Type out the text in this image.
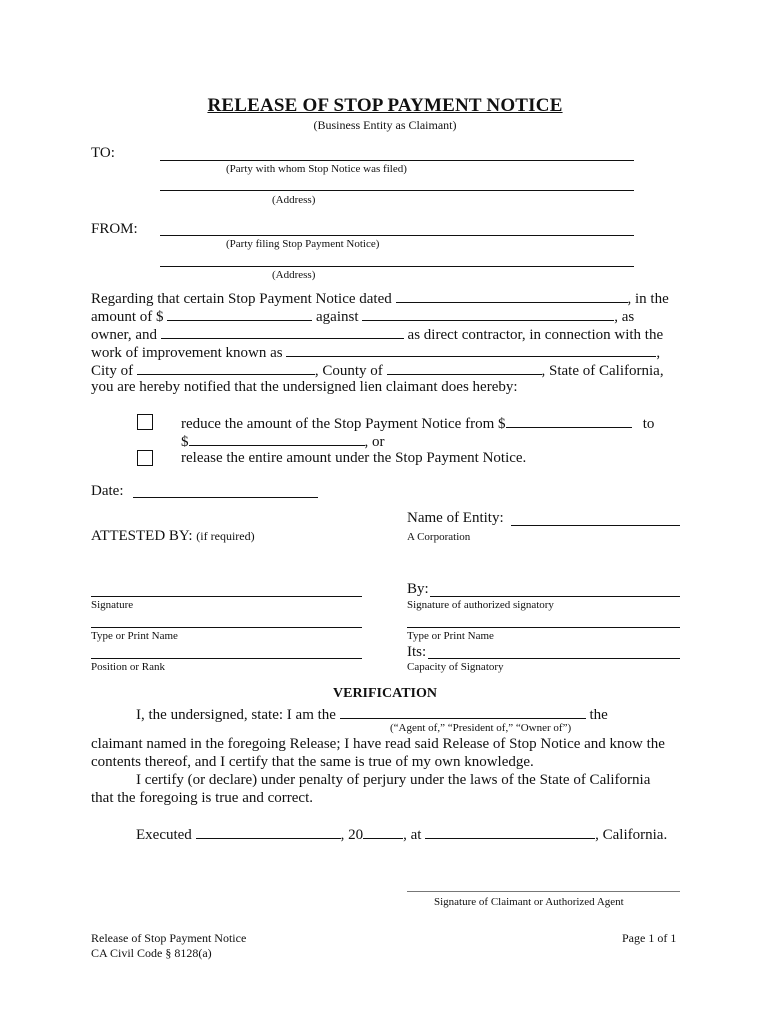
RELEASE OF STOP PAYMENT NOTICE
(Business Entity as Claimant)
TO:
(Party with whom Stop Notice was filed)
(Address)
FROM:
(Party filing Stop Payment Notice)
(Address)
Regarding that certain Stop Payment Notice dated	, in the
amount of $	against	, as
owner, and	as direct contractor, in connection with the
work of improvement known as	,
City of	, County of	, State of California,
you are hereby notified that the undersigned lien claimant does hereby:
reduce the amount of the Stop Payment Notice from $	to
$	, or
release the entire amount under the Stop Payment Notice.
Date:
Name of Entity:
A Corporation
ATTESTED BY: (if required)
By:
Signature of authorized signatory
Signature
Type or Print Name	Type or Print Name
Its:
Capacity of Signatory
Position or Rank
VERIFICATION
I, the undersigned, state: I am the	the
(“Agent of,” “President of,” “Owner of”)
claimant named in the foregoing Release; I have read said Release of Stop Notice and know the
contents thereof, and I certify that the same is true of my own knowledge.
I certify (or declare) under penalty of perjury under the laws of the State of California
that the foregoing is true and correct.
Executed	, 20	, at	, California.
Signature of Claimant or Authorized Agent
Release of Stop Payment Notice
CA Civil Code § 8128(a)
Page 1 of 1
